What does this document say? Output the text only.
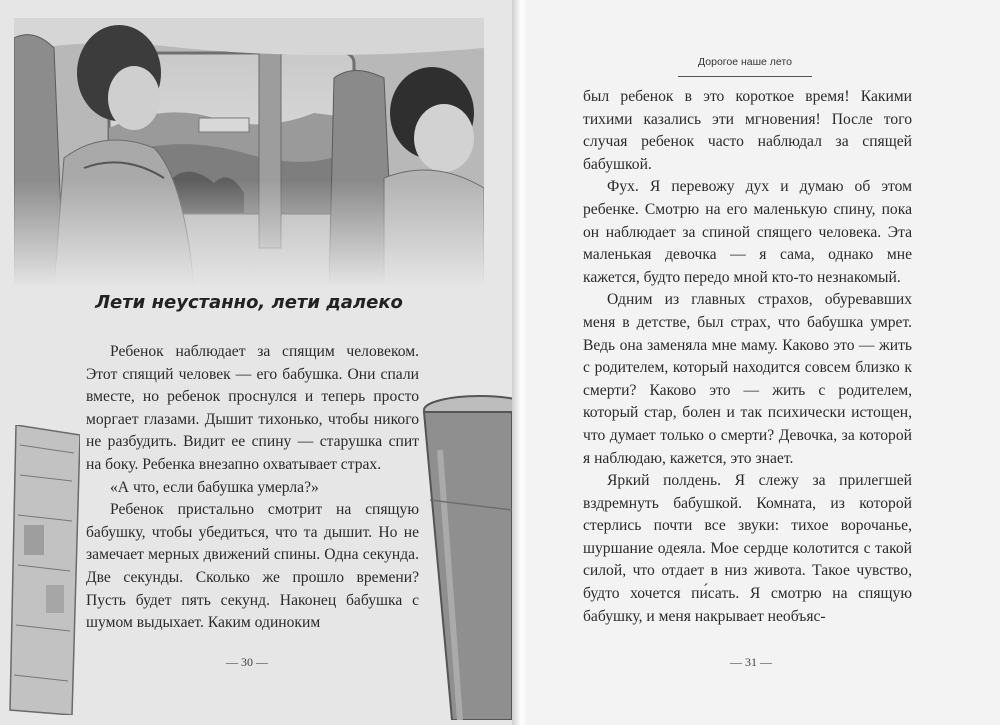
Лети неустанно, лети далеко

Ребенок наблюдает за спящим человеком. Этот спящий человек — его бабушка. Они спали вместе, но ребенок проснулся и теперь просто моргает глазами. Дышит тихонько, чтобы никого не разбудить. Видит ее спину — старушка спит на боку. Ребенка внезапно охватывает страх.

«А что, если бабушка умерла?»

Ребенок пристально смотрит на спящую бабушку, чтобы убедиться, что та дышит. Но не замечает мерных движений спины. Одна секунда. Две секунды. Сколько же прошло времени? Пусть будет пять секунд. Наконец бабушка с шумом выдыхает. Каким одиноким

— 30 —
Дорогое наше лето

был ребенок в это короткое время! Какими тихими казались эти мгновения! После того случая ребенок часто наблюдал за спящей бабушкой.

Фух. Я перевожу дух и думаю об этом ребенке. Смотрю на его маленькую спину, пока он наблюдает за спиной спящего человека. Эта маленькая девочка — я сама, однако мне кажется, будто передо мной кто-то незнакомый.

Одним из главных страхов, обуревавших меня в детстве, был страх, что бабушка умрет. Ведь она заменяла мне маму. Каково это — жить с родителем, который находится совсем близко к смерти? Каково это — жить с родителем, который стар, болен и так психически истощен, что думает только о смерти? Девочка, за которой я наблюдаю, кажется, это знает.

Яркий полдень. Я слежу за прилегшей вздремнуть бабушкой. Комната, из которой стерлись почти все звуки: тихое ворочанье, шуршание одеяла. Мое сердце колотится с такой силой, что отдает в низ живота. Такое чувство, будто хочется пи́сать. Я смотрю на спящую бабушку, и меня накрывает необъяс-

— 31 —
